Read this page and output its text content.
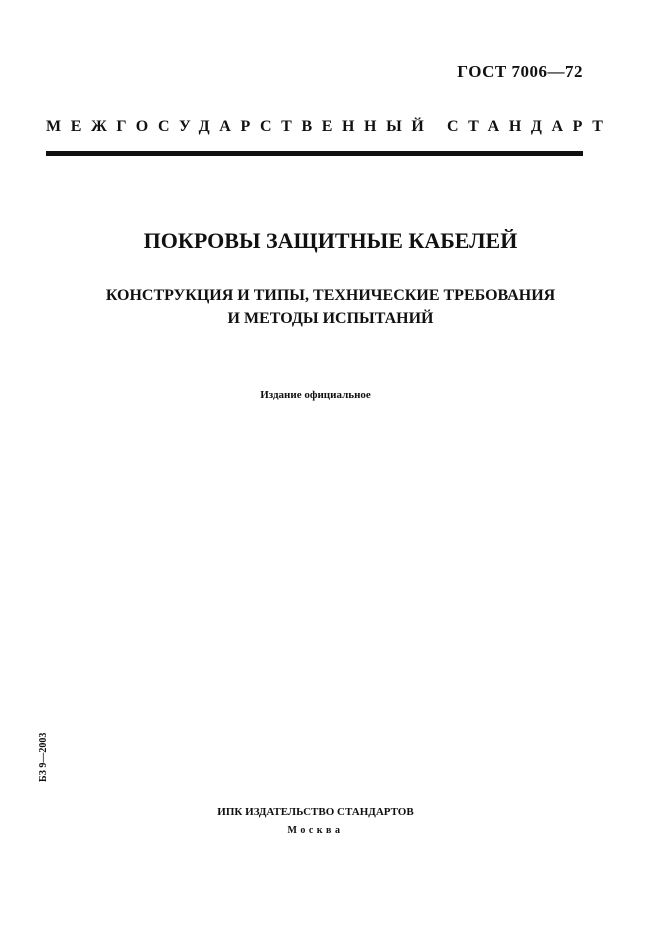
ГОСТ 7006—72
МЕЖГОСУДАРСТВЕННЫЙ СТАНДАРТ
ПОКРОВЫ ЗАЩИТНЫЕ КАБЕЛЕЙ
КОНСТРУКЦИЯ И ТИПЫ, ТЕХНИЧЕСКИЕ ТРЕБОВАНИЯ
И МЕТОДЫ ИСПЫТАНИЙ
Издание официальное
БЗ 9—2003
ИПК ИЗДАТЕЛЬСТВО СТАНДАРТОВ
Москва
